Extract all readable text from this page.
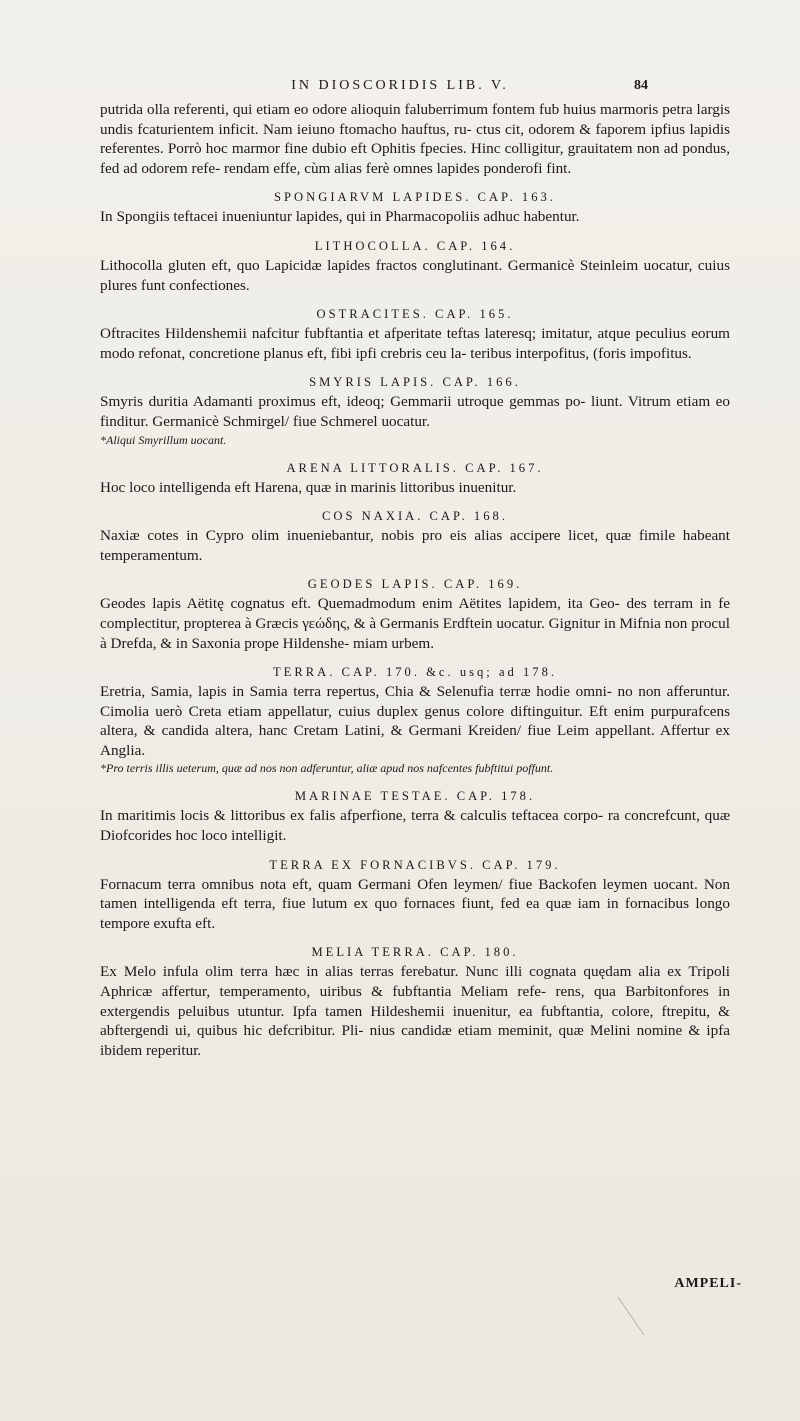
IN DIOSCORIDIS LIB. V.	84

putrida olla referenti, qui etiam eo odore alioquin faluberrimum fontem fub huius marmoris petra largis undis fcaturientem inficit. Nam ieiuno ftomacho hauftus, ru- ctus cit, odorem & faporem ipfius lapidis referentes. Porrò hoc marmor fine dubio eft Ophitis fpecies. Hinc colligitur, grauitatem non ad pondus, fed ad odorem refe- rendam effe, cùm alias ferè omnes lapides ponderofi fint.

SPONGIARVM LAPIDES. CAP. 163.

In Spongiis teftacei inueniuntur lapides, qui in Pharmacopoliis adhuc habentur.

LITHOCOLLA. CAP. 164.

Lithocolla gluten eft, quo Lapicidæ lapides fractos conglutinant. Germanicè Steinleim uocatur, cuius plures funt confectiones.

OSTRACITES. CAP. 165.

Oftracites Hildenshemii nafcitur fubftantia et afperitate teftas lateresq; imitatur, atque peculius eorum modo refonat, concretione planus eft, fibi ipfi crebris ceu la- teribus interpofitus, (foris impofitus.

SMYRIS LAPIS. CAP. 166.

Smyris duritia Adamanti proximus eft, ideoq; Gemmarii utroque gemmas po- liunt. Vitrum etiam eo finditur. Germanicè Schmirgel/ fiue Schmerel uocatur.

*Aliqui Smyrillum uocant.

ARENA LITTORALIS. CAP. 167.

Hoc loco intelligenda eft Harena, quæ in marinis littoribus inuenitur.

COS NAXIA. CAP. 168.

Naxiæ cotes in Cypro olim inueniebantur, nobis pro eis alias accipere licet, quæ fimile habeant temperamentum.

GEODES LAPIS. CAP. 169.

Geodes lapis Aëtitę cognatus eft. Quemadmodum enim Aëtites lapidem, ita Geo- des terram in fe complectitur, propterea à Græcis γεώδης, & à Germanis Erdftein uocatur. Gignitur in Mifnia non procul à Drefda, & in Saxonia prope Hildenshe- miam urbem.

TERRA. CAP. 170. &c. usq; ad 178.

Eretria, Samia, lapis in Samia terra repertus, Chia & Selenufia terræ hodie omni- no non afferuntur. Cimolia uerò Creta etiam appellatur, cuius duplex genus colore diftinguitur. Eft enim purpurafcens altera, & candida altera, hanc Cretam Latini, & Germani Kreiden/ fiue Leim appellant. Affertur ex Anglia.

*Pro terris illis ueterum, quæ ad nos non adferuntur, aliæ apud nos nafcentes fubftitui poffunt.

MARINAE TESTAE. CAP. 178.

In maritimis locis & littoribus ex falis afperfione, terra & calculis teftacea corpo- ra concrefcunt, quæ Diofcorides hoc loco intelligit.

TERRA EX FORNACIBVS. CAP. 179.

Fornacum terra omnibus nota eft, quam Germani Ofen leymen/ fiue Backofen leymen uocant. Non tamen intelligenda eft terra, fiue lutum ex quo fornaces fiunt, fed ea quæ iam in fornacibus longo tempore exufta eft.

MELIA TERRA. CAP. 180.

Ex Melo infula olim terra hæc in alias terras ferebatur. Nunc illi cognata quędam alia ex Tripoli Aphricæ affertur, temperamento, uiribus & fubftantia Meliam refe- rens, qua Barbitonfores in extergendis peluibus utuntur. Ipfa tamen Hildeshemii inuenitur, ea fubftantia, colore, ftrepitu, & abftergendi ui, quibus hic defcribitur. Pli- nius candidæ etiam meminit, quæ Melini nomine & ipfa ibidem reperitur.

AMPELI-
